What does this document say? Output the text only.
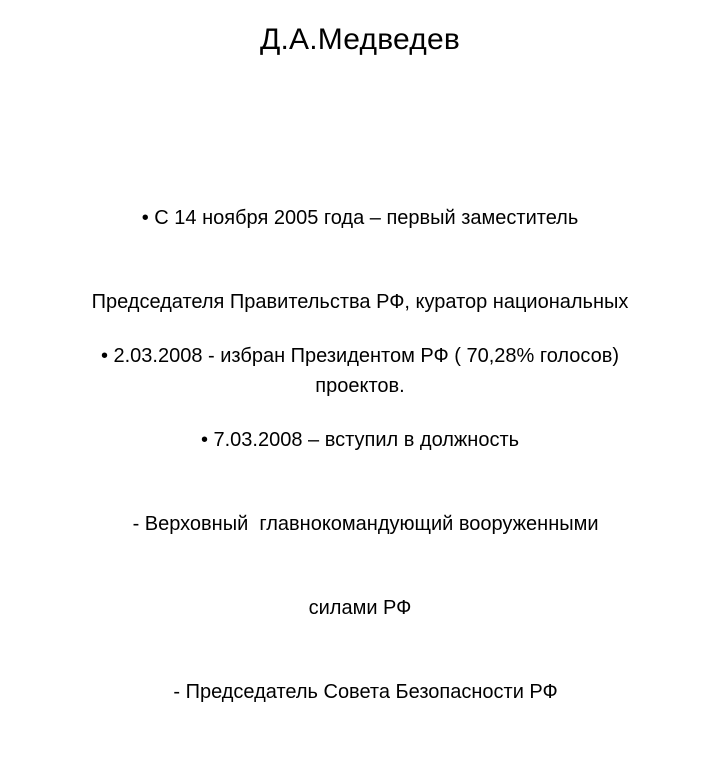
Д.А.Медведев

• С 14 ноября 2005 года – первый заместитель

Председателя Правительства РФ, куратор национальных

проектов.

• 2.03.2008 - избран Президентом РФ ( 70,28% голосов)

• 7.03.2008 – вступил в должность

- Верховный  главнокомандующий вооруженными

силами РФ

- Председатель Совета Безопасности РФ
